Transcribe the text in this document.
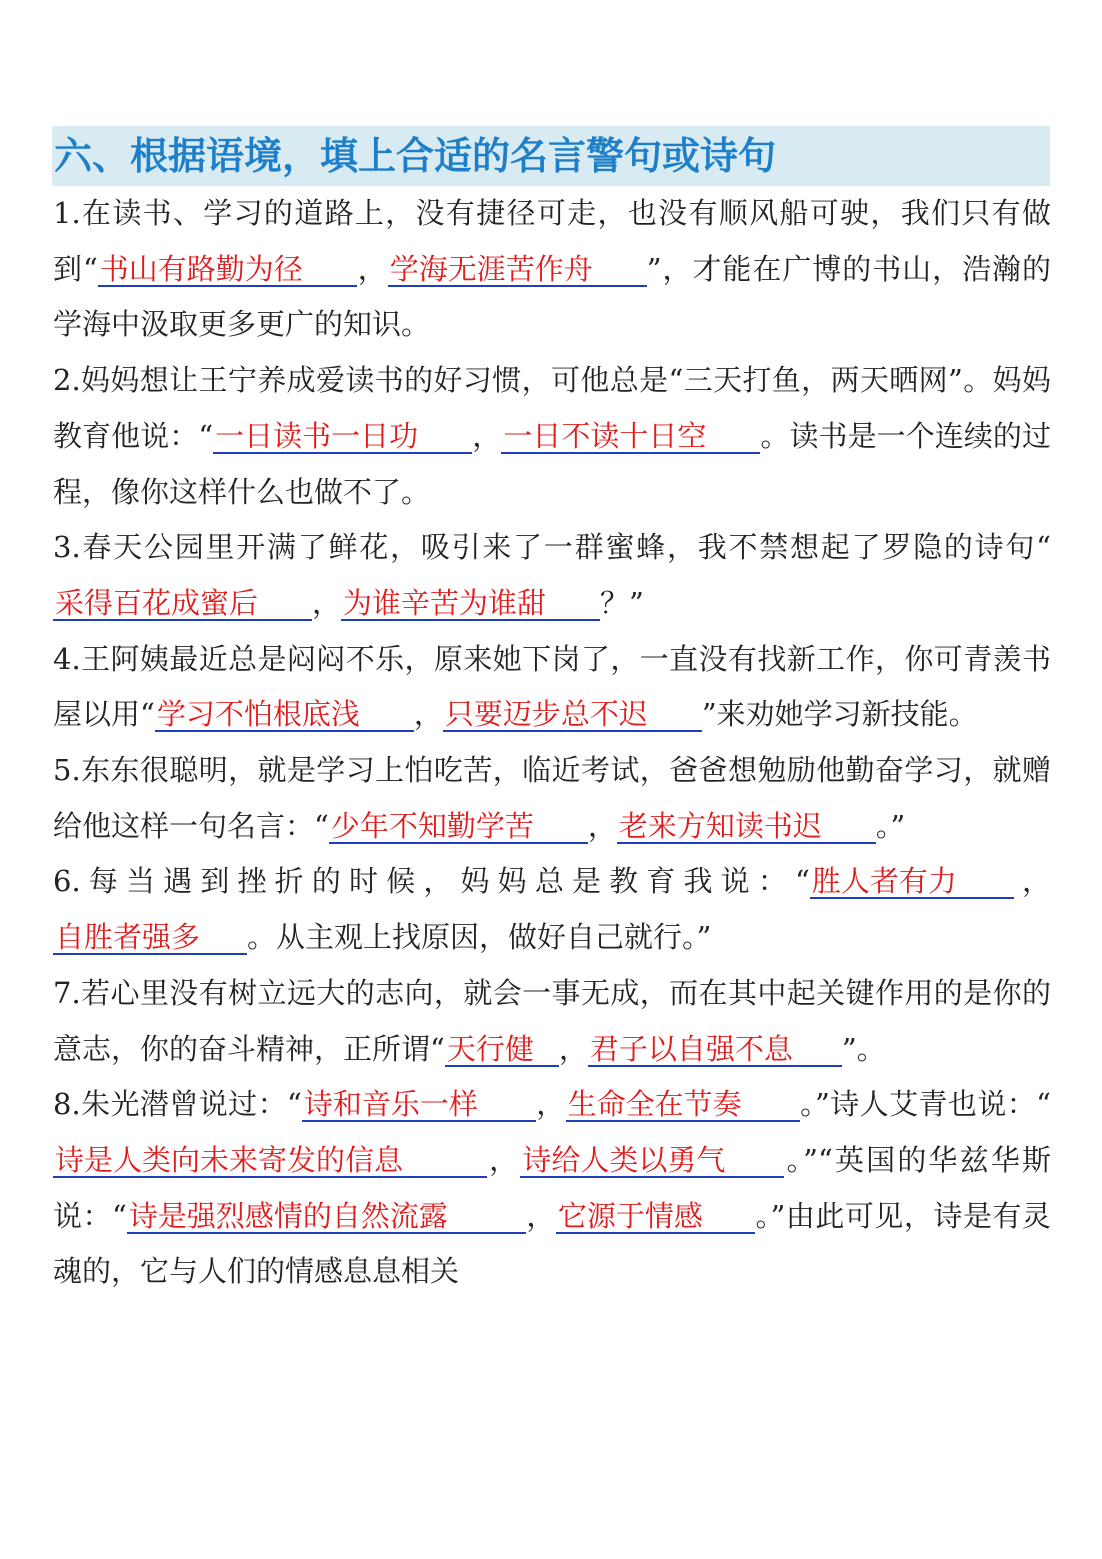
六、根据语境，填上合适的名言警句或诗句

1.在读书、学习的道路上，没有捷径可走，也没有顺风船可驶，我们只有做到“书山有路勤为径 ，学海无涯苦作舟 ”，才能在广博的书山，浩瀚的学海中汲取更多更广的知识。

2.妈妈想让王宁养成爱读书的好习惯，可他总是“三天打鱼，两天晒网”。妈妈教育他说：“一日读书一日功 ，一日不读十日空 。读书是一个连续的过程，像你这样什么也做不了。

3.春天公园里开满了鲜花，吸引来了一群蜜蜂，我不禁想起了罗隐的诗句“采得百花成蜜后 ，为谁辛苦为谁甜 ？”

4.王阿姨最近总是闷闷不乐，原来她下岗了，一直没有找新工作，你可青羡书屋以用“学习不怕根底浅 ，只要迈步总不迟 ”来劝她学习新技能。

5.东东很聪明，就是学习上怕吃苦，临近考试，爸爸想勉励他勤奋学习，就赠给他这样一句名言：“少年不知勤学苦 ，老来方知读书迟 。”

6.每当遇到挫折的时候，妈妈总是教育我说：“胜人者有力 ，自胜者强多 。从主观上找原因，做好自己就行。”

7.若心里没有树立远大的志向，就会一事无成，而在其中起关键作用的是你的意志，你的奋斗精神，正所谓“天行健 ，君子以自强不息 ”。

8.朱光潜曾说过：“诗和音乐一样 ，生命全在节奏 。”诗人艾青也说：“诗是人类向未来寄发的信息	，诗给人类以勇气 。”“英国的华兹华斯说：“诗是强烈感情的自然流露	，它源于情感 。”由此可见，诗是有灵魂的，它与人们的情感息息相关
